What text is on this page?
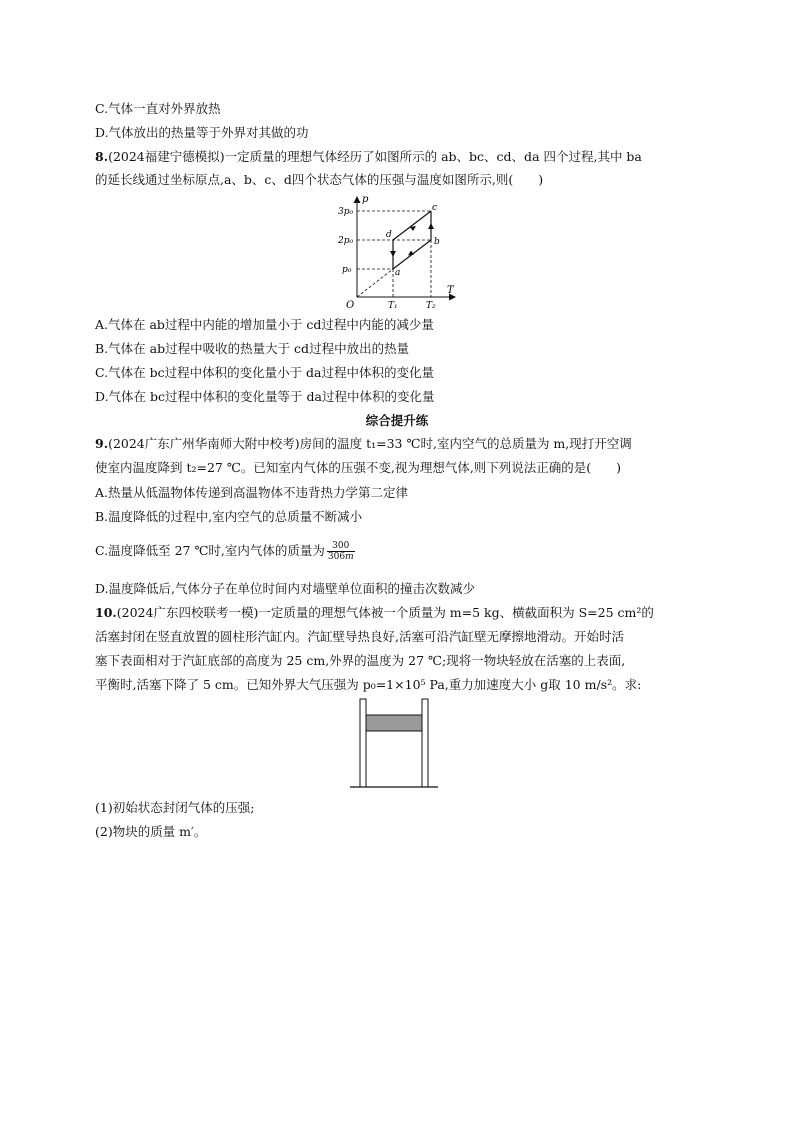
C.气体一直对外界放热
D.气体放出的热量等于外界对其做的功
8.(2024福建宁德模拟)一定质量的理想气体经历了如图所示的 ab、bc、cd、da 四个过程,其中 ba
的延长线通过坐标原点,a、b、c、d四个状态气体的压强与温度如图所示,则(　　)
p
T
O
3p₀
2p₀
p₀
T₁	T₂
a
b
c
d
A.气体在 ab过程中内能的增加量小于 cd过程中内能的减少量
B.气体在 ab过程中吸收的热量大于 cd过程中放出的热量
C.气体在 bc过程中体积的变化量小于 da过程中体积的变化量
D.气体在 bc过程中体积的变化量等于 da过程中体积的变化量
综合提升练
9.(2024广东广州华南师大附中校考)房间的温度 t₁=33 ℃时,室内空气的总质量为 m,现打开空调
使室内温度降到 t₂=27 ℃。已知室内气体的压强不变,视为理想气体,则下列说法正确的是(　　)
A.热量从低温物体传递到高温物体不违背热力学第二定律
B.温度降低的过程中,室内空气的总质量不断减小
C.温度降低至 27 ℃时,室内气体的质量为 $\frac{300}{306m}$
D.温度降低后,气体分子在单位时间内对墙壁单位面积的撞击次数减少
10.(2024广东四校联考一模)一定质量的理想气体被一个质量为 m=5 kg、横截面积为 S=25 cm²的
活塞封闭在竖直放置的圆柱形汽缸内。汽缸壁导热良好,活塞可沿汽缸壁无摩擦地滑动。开始时活
塞下表面相对于汽缸底部的高度为 25 cm,外界的温度为 27 ℃;现将一物块轻放在活塞的上表面,
平衡时,活塞下降了 5 cm。已知外界大气压强为 p₀=1×10⁵ Pa,重力加速度大小 g取 10 m/s²。求:
(1)初始状态封闭气体的压强;
(2)物块的质量 m′。
